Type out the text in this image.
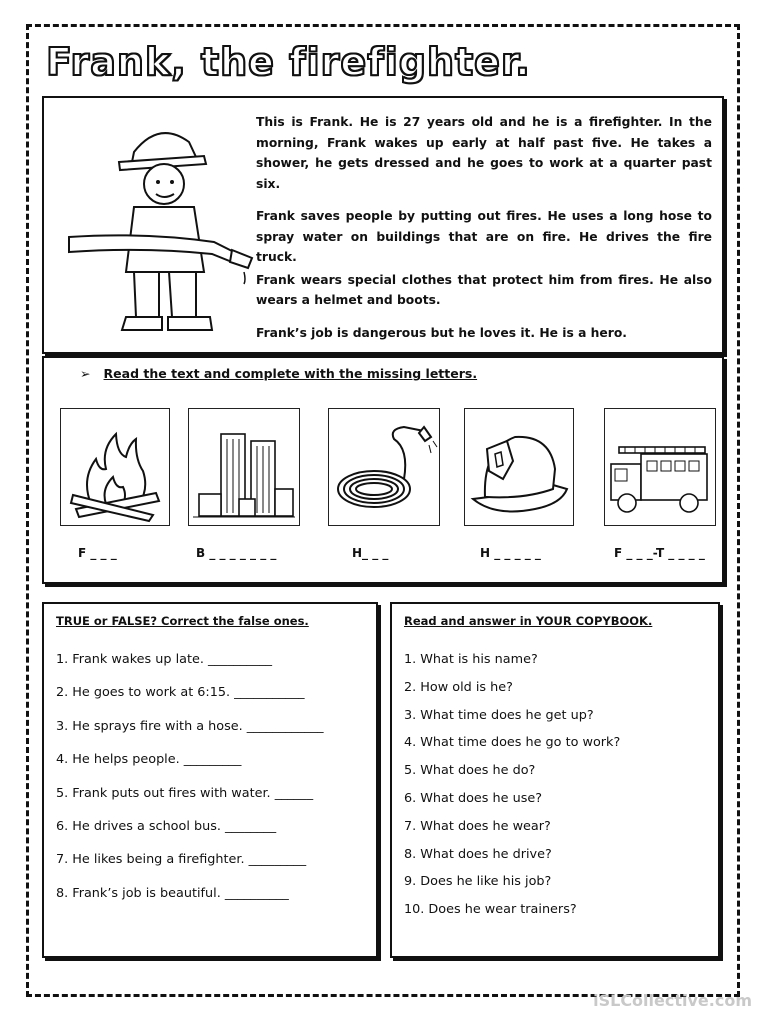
Frank, the firefighter.

This is Frank. He is 27 years old and he is a firefighter. In the morning, Frank wakes up early at half past five. He takes a shower, he gets dressed and he goes to work at a quarter past six.

Frank saves people by putting out fires. He uses a long hose to spray water on buildings that are on fire. He drives the fire truck.

Frank wears special clothes that protect him from fires. He also wears a helmet and boots.

Frank’s job is dangerous but he loves it. He is a hero.

➢ Read the text and complete with the missing letters.
F _ _ _	B _ _ _ _ _ _ _	H_ _ _	H _ _ _ _ _	F _ _ _-T _ _ _ _
TRUE or FALSE? Correct the false ones.
1. Frank wakes up late. __________
2. He goes to work at 6:15. ___________
3. He sprays fire with a hose. ____________
4. He helps people. _________
5. Frank puts out fires with water. ______
6. He drives a school bus. ________
7. He likes being a firefighter. _________
8. Frank’s job is beautiful. __________
Read and answer in YOUR COPYBOOK.
1. What is his name?
2. How old is he?
3. What time does he get up?
4. What time does he go to work?
5. What does he do?
6. What does he use?
7. What does he wear?
8. What does he drive?
9. Does he like his job?
10. Does he wear trainers?
iSLCollective.com
